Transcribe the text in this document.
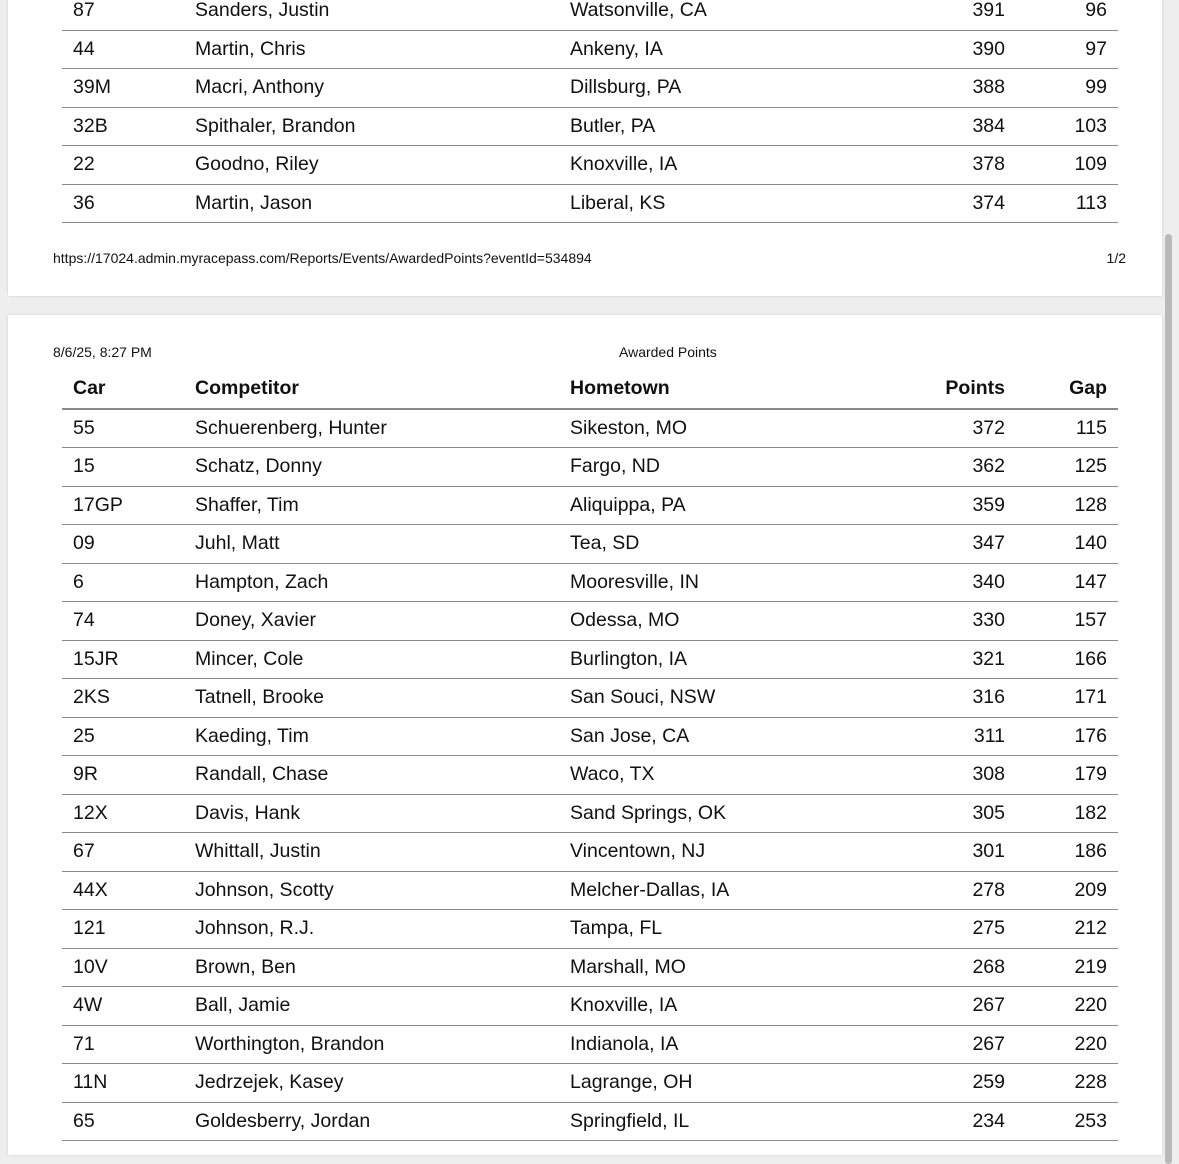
87	Sanders, Justin	Watsonville, CA	391	96
44	Martin, Chris	Ankeny, IA	390	97
39M	Macri, Anthony	Dillsburg, PA	388	99
32B	Spithaler, Brandon	Butler, PA	384	103
22	Goodno, Riley	Knoxville, IA	378	109
36	Martin, Jason	Liberal, KS	374	113
https://17024.admin.myracepass.com/Reports/Events/AwardedPoints?eventId=534894	1/2
8/6/25, 8:27 PM	Awarded Points
Car	Competitor	Hometown	Points	Gap
55	Schuerenberg, Hunter	Sikeston, MO	372	115
15	Schatz, Donny	Fargo, ND	362	125
17GP	Shaffer, Tim	Aliquippa, PA	359	128
09	Juhl, Matt	Tea, SD	347	140
6	Hampton, Zach	Mooresville, IN	340	147
74	Doney, Xavier	Odessa, MO	330	157
15JR	Mincer, Cole	Burlington, IA	321	166
2KS	Tatnell, Brooke	San Souci, NSW	316	171
25	Kaeding, Tim	San Jose, CA	311	176
9R	Randall, Chase	Waco, TX	308	179
12X	Davis, Hank	Sand Springs, OK	305	182
67	Whittall, Justin	Vincentown, NJ	301	186
44X	Johnson, Scotty	Melcher-Dallas, IA	278	209
121	Johnson, R.J.	Tampa, FL	275	212
10V	Brown, Ben	Marshall, MO	268	219
4W	Ball, Jamie	Knoxville, IA	267	220
71	Worthington, Brandon	Indianola, IA	267	220
11N	Jedrzejek, Kasey	Lagrange, OH	259	228
65	Goldesberry, Jordan	Springfield, IL	234	253
